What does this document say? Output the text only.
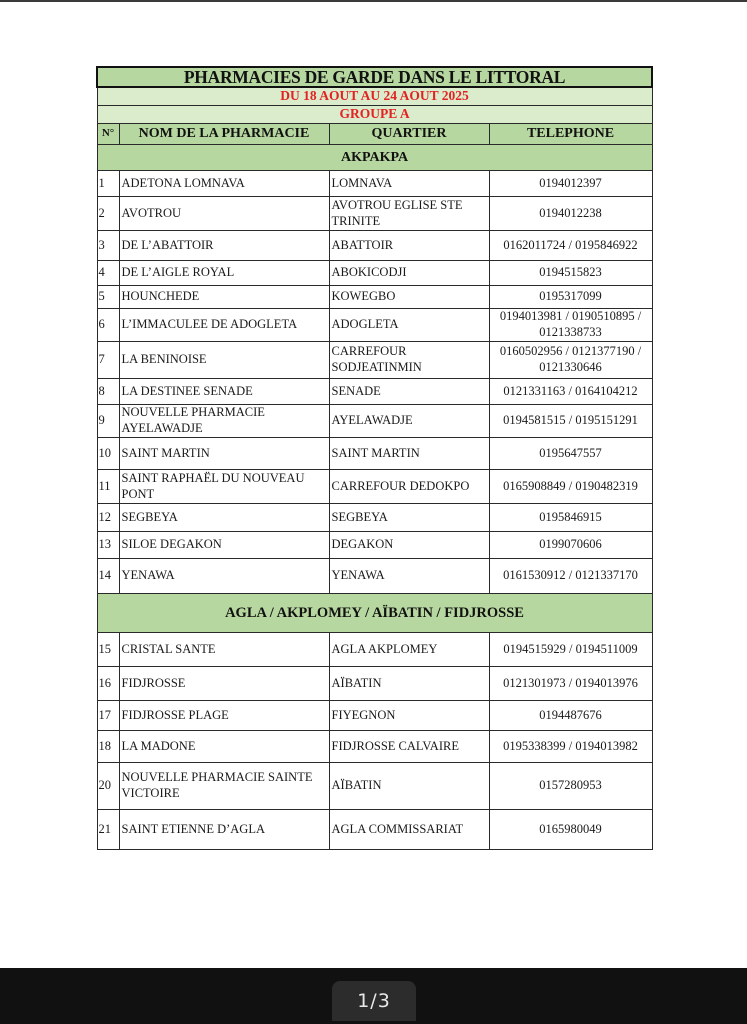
PHARMACIES DE GARDE DANS LE LITTORAL			
DU 18 AOUT AU 24 AOUT 2025			
GROUPE A			
N°	NOM DE LA PHARMACIE	QUARTIER	TELEPHONE
AKPAKPA			
1	ADETONA LOMNAVA	LOMNAVA	0194012397
2	AVOTROU	AVOTROU EGLISE STE TRINITE	0194012238
3	DE L’ABATTOIR	ABATTOIR	0162011724 / 0195846922
4	DE L’AIGLE ROYAL	ABOKICODJI	0194515823
5	HOUNCHEDE	KOWEGBO	0195317099
6	L’IMMACULEE DE ADOGLETA	ADOGLETA	0194013981 / 0190510895 / 0121338733
7	LA BENINOISE	CARREFOUR SODJEATINMIN	0160502956 / 0121377190 / 0121330646
8	LA DESTINEE SENADE	SENADE	0121331163 / 0164104212
9	NOUVELLE PHARMACIE AYELAWADJE	AYELAWADJE	0194581515 / 0195151291
10	SAINT MARTIN	SAINT MARTIN	0195647557
11	SAINT RAPHAËL DU NOUVEAU PONT	CARREFOUR DEDOKPO	0165908849 / 0190482319
12	SEGBEYA	SEGBEYA	0195846915
13	SILOE DEGAKON	DEGAKON	0199070606
14	YENAWA	YENAWA	0161530912 / 0121337170
AGLA / AKPLOMEY / AÏBATIN / FIDJROSSE			
15	CRISTAL SANTE	AGLA AKPLOMEY	0194515929 / 0194511009
16	FIDJROSSE	AÏBATIN	0121301973 / 0194013976
17	FIDJROSSE PLAGE	FIYEGNON	0194487676
18	LA MADONE	FIDJROSSE CALVAIRE	0195338399 / 0194013982
20	NOUVELLE PHARMACIE SAINTE VICTOIRE	AÏBATIN	0157280953
21	SAINT ETIENNE D’AGLA	AGLA COMMISSARIAT	0165980049
1/3
